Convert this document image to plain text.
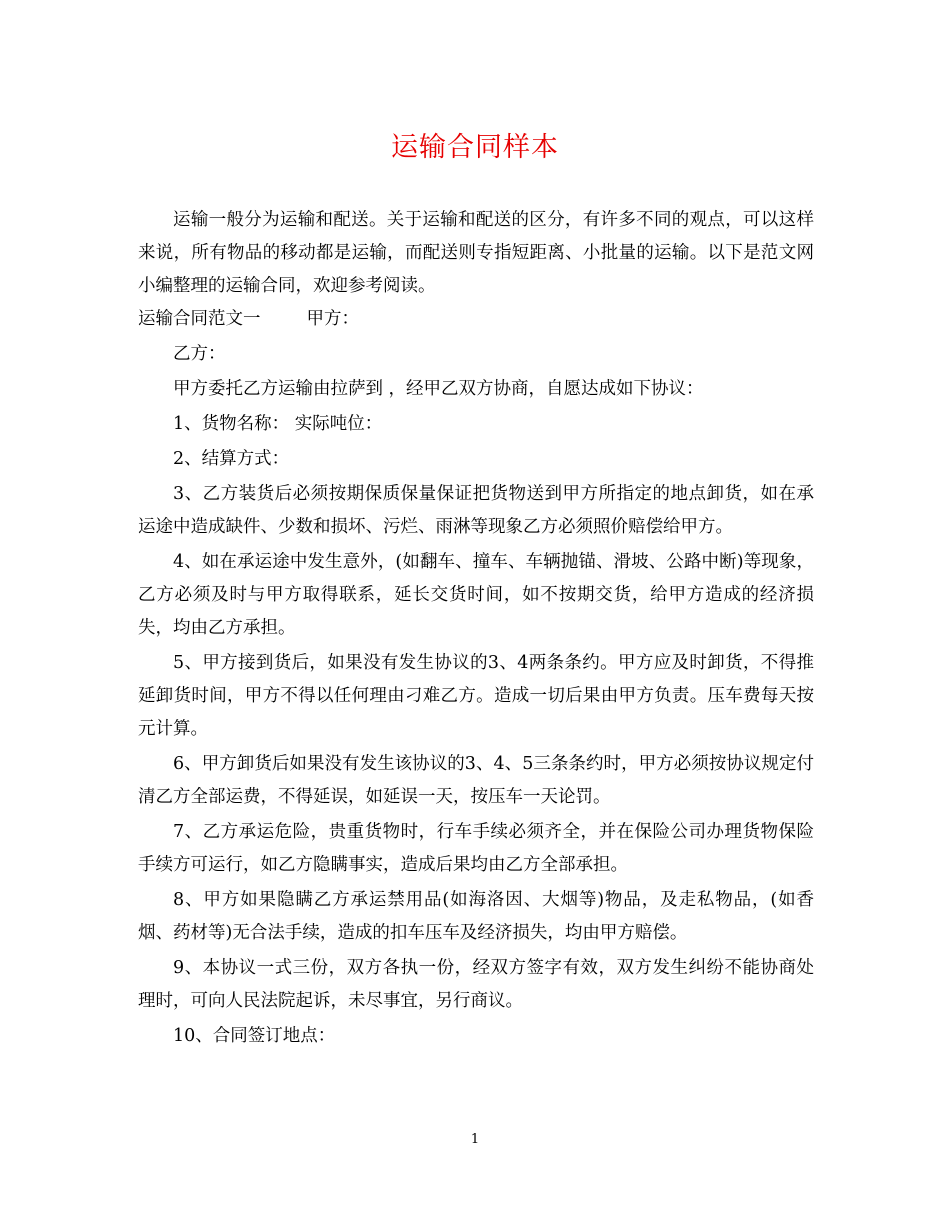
运输合同样本

运输一般分为运输和配送。关于运输和配送的区分，有许多不同的观点，可以这样来说，所有物品的移动都是运输，而配送则专指短距离、小批量的运输。以下是范文网小编整理的运输合同，欢迎参考阅读。

运输合同范文一	甲方：

乙方：

甲方委托乙方运输由拉萨到 ，经甲乙双方协商，自愿达成如下协议：

1、货物名称： 实际吨位：

2、结算方式：

3、乙方装货后必须按期保质保量保证把货物送到甲方所指定的地点卸货，如在承运途中造成缺件、少数和损坏、污烂、雨淋等现象乙方必须照价赔偿给甲方。

4、如在承运途中发生意外，(如翻车、撞车、车辆抛锚、滑坡、公路中断)等现象，乙方必须及时与甲方取得联系，延长交货时间，如不按期交货，给甲方造成的经济损失，均由乙方承担。

5、甲方接到货后，如果没有发生协议的3、4两条条约。甲方应及时卸货，不得推延卸货时间，甲方不得以任何理由刁难乙方。造成一切后果由甲方负责。压车费每天按 元计算。

6、甲方卸货后如果没有发生该协议的3、4、5三条条约时，甲方必须按协议规定付清乙方全部运费，不得延误，如延误一天，按压车一天论罚。

7、乙方承运危险，贵重货物时，行车手续必须齐全，并在保险公司办理货物保险手续方可运行，如乙方隐瞒事实，造成后果均由乙方全部承担。

8、甲方如果隐瞒乙方承运禁用品(如海洛因、大烟等)物品，及走私物品，(如香烟、药材等)无合法手续，造成的扣车压车及经济损失，均由甲方赔偿。

9、本协议一式三份，双方各执一份，经双方签字有效，双方发生纠纷不能协商处理时，可向人民法院起诉，未尽事宜，另行商议。

10、合同签订地点：

1
